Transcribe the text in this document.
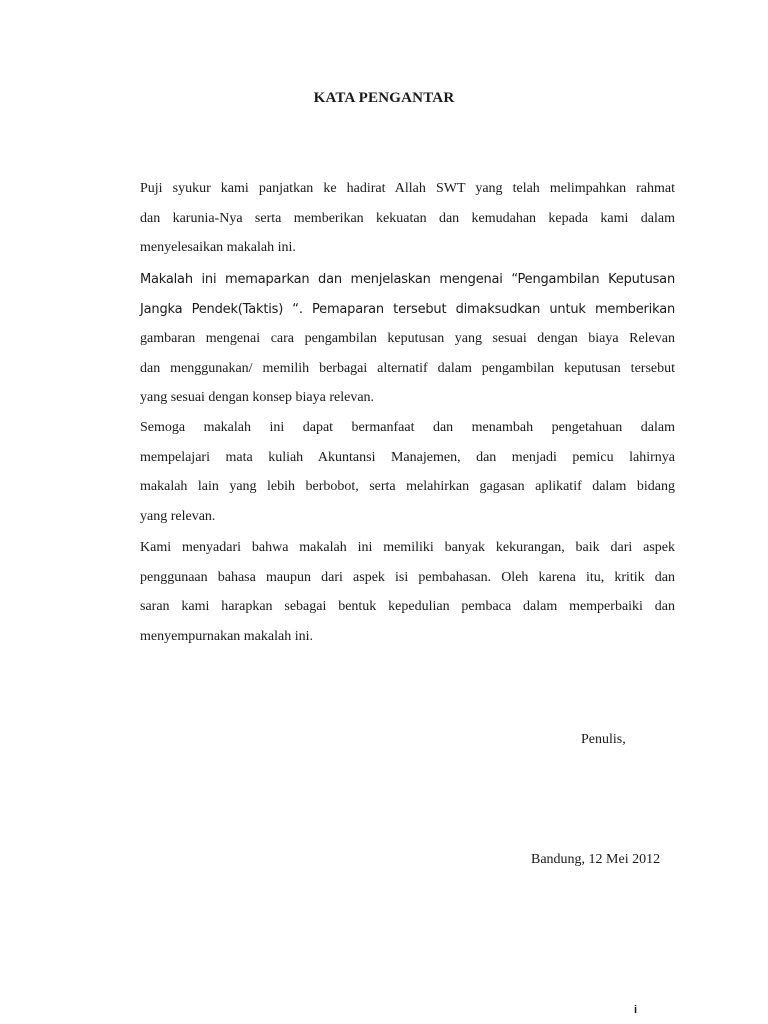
KATA PENGANTAR

Puji syukur kami panjatkan ke hadirat Allah SWT yang telah melimpahkan rahmat
dan karunia-Nya serta memberikan kekuatan dan kemudahan kepada kami dalam
menyelesaikan makalah ini.

Makalah ini memaparkan dan menjelaskan mengenai “Pengambilan Keputusan
Jangka Pendek(Taktis) “. Pemaparan tersebut dimaksudkan untuk memberikan
gambaran mengenai cara pengambilan keputusan yang sesuai dengan biaya Relevan
dan menggunakan/ memilih berbagai alternatif dalam pengambilan keputusan tersebut
yang sesuai dengan konsep biaya relevan.

Semoga makalah ini dapat bermanfaat dan menambah pengetahuan dalam
mempelajari mata kuliah Akuntansi Manajemen, dan menjadi pemicu lahirnya
makalah lain yang lebih berbobot, serta melahirkan gagasan aplikatif dalam bidang
yang relevan.

Kami menyadari bahwa makalah ini memiliki banyak kekurangan, baik dari aspek
penggunaan bahasa maupun dari aspek isi pembahasan. Oleh karena itu, kritik dan
saran kami harapkan sebagai bentuk kepedulian pembaca dalam memperbaiki dan
menyempurnakan makalah ini.

Penulis,
Bandung, 12 Mei 2012
i
